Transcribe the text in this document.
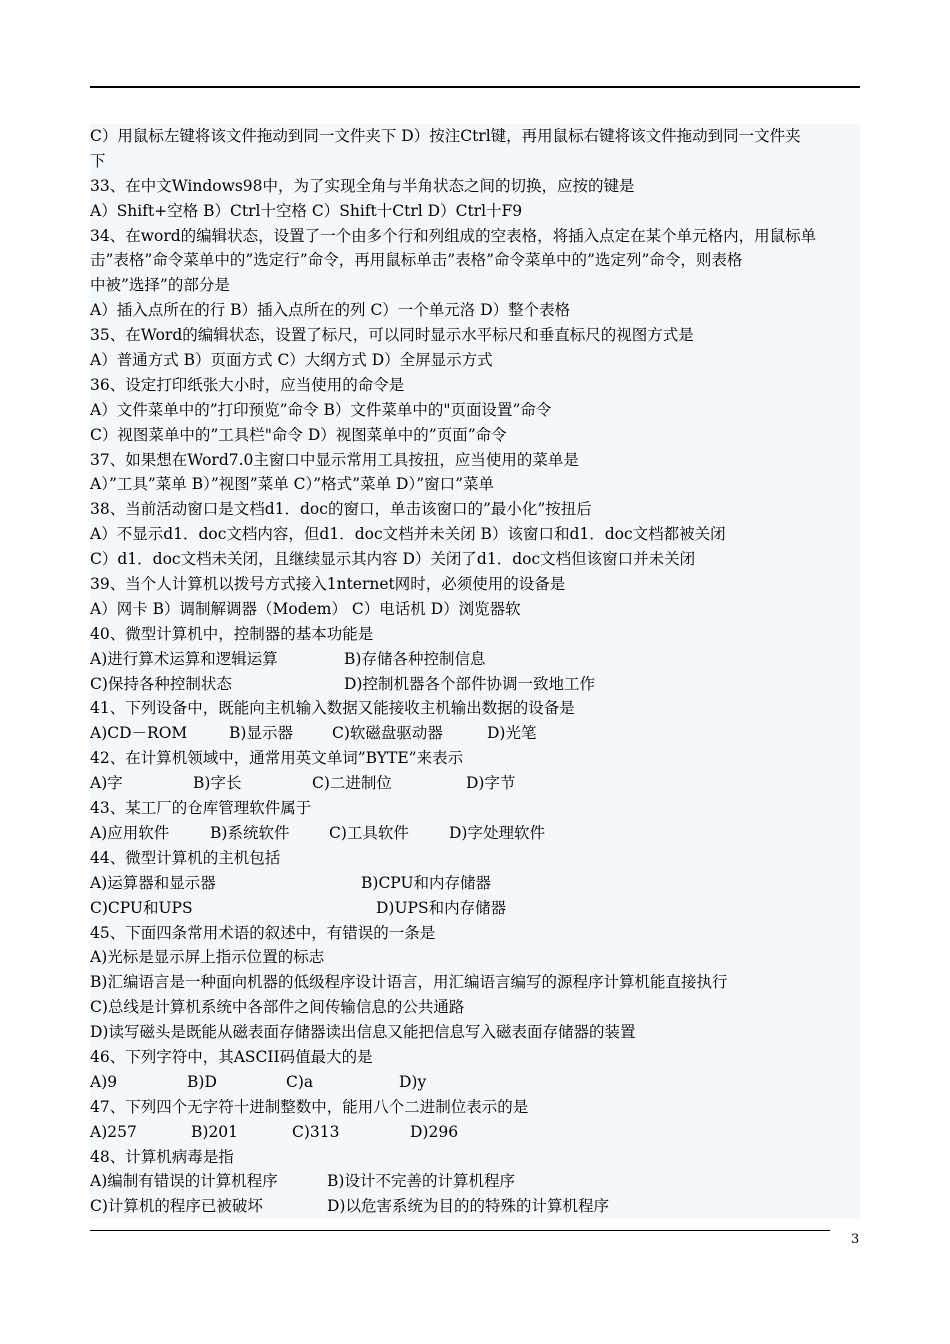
C）用鼠标左键将该文件拖动到同一文件夹下 D）按注Ctrl键，再用鼠标右键将该文件拖动到同一文件夹
下
33、在中文Windows98中，为了实现全角与半角状态之间的切换，应按的键是
A）Shift+空格 B）Ctrl十空格 C）Shift十Ctrl D）Ctrl十F9
34、在word的编辑状态，设置了一个由多个行和列组成的空表格，将插入点定在某个单元格内，用鼠标单
击”表格”命令菜单中的”选定行”命令，再用鼠标单击”表格”命令菜单中的”选定列”命令，则表格
中被”选择”的部分是
A）插入点所在的行 B）插入点所在的列 C）一个单元洛 D）整个表格
35、在Word的编辑状态，设置了标尺，可以同时显示水平标尺和垂直标尺的视图方式是
A）普通方式 B）页面方式 C）大纲方式 D）全屏显示方式
36、设定打印纸张大小时，应当使用的命令是
A）文件菜单中的”打印预览”命令 B）文件菜单中的"页面设置”命令
C）视图菜单中的”工具栏"命令 D）视图菜单中的”页面”命令
37、如果想在Word7.0主窗口中显示常用工具按扭，应当使用的菜单是
A）”工具”菜单 B）”视图”菜单 C）”格式”菜单 D）”窗口”菜单
38、当前活动窗口是文档d1．doc的窗口，单击该窗口的”最小化”按扭后
A）不显示d1．doc文档内容，但d1．doc文档并未关闭 B）该窗口和d1．doc文档都被关闭
C）d1．doc文档未关闭，且继续显示其内容 D）关闭了d1．doc文档但该窗口并未关闭
39、当个人计算机以拨号方式接入1nternet网时，必须使用的设备是
A）网卡 B）调制解调器（Modem） C）电话机 D）浏览器软
40、微型计算机中，控制器的基本功能是
A)进行算术运算和逻辑运算	B)存储各种控制信息
C)保持各种控制状态	D)控制机器各个部件协调一致地工作
41、下列设备中，既能向主机输入数据又能接收主机输出数据的设备是
A)CD－ROM	B)显示器	C)软磁盘驱动器	D)光笔
42、在计算机领域中，通常用英文单词”BYTE”来表示
A)字	B)字长	C)二进制位	D)字节
43、某工厂的仓库管理软件属于
A)应用软件	B)系统软件	C)工具软件	D)字处理软件
44、微型计算机的主机包括
A)运算器和显示器	B)CPU和内存储器
C)CPU和UPS	D)UPS和内存储器
45、下面四条常用术语的叙述中，有错误的一条是
A)光标是显示屏上指示位置的标志
B)汇编语言是一种面向机器的低级程序设计语言，用汇编语言编写的源程序计算机能直接执行
C)总线是计算机系统中各部件之间传输信息的公共通路
D)读写磁头是既能从磁表面存储器读出信息又能把信息写入磁表面存储器的装置
46、下列字符中，其ASCII码值最大的是
A)9	B)D	C)a	D)y
47、下列四个无字符十进制整数中，能用八个二进制位表示的是
A)257	B)201	C)313	D)296
48、计算机病毒是指
A)编制有错误的计算机程序	B)设计不完善的计算机程序
C)计算机的程序已被破坏	D)以危害系统为目的的特殊的计算机程序
3
